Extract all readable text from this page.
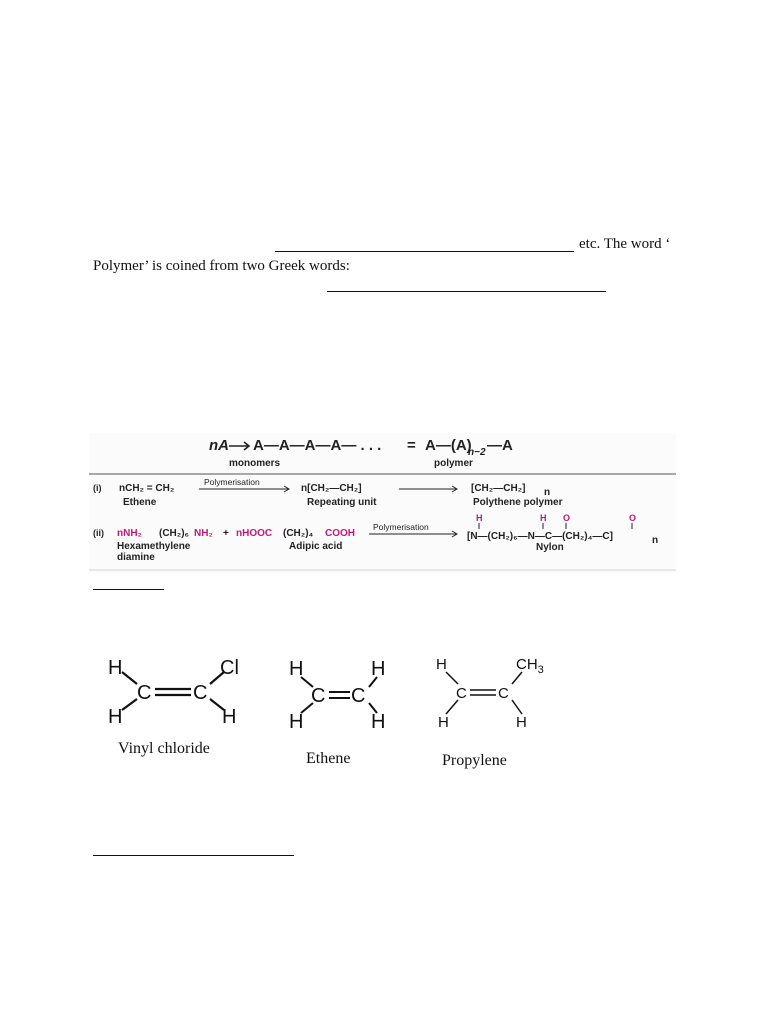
etc. The word ‘
Polymer’ is coined from two Greek words:
nA A—A—A—A— . . . = A—(A)
n−2 —A
monomers	polymer
(i) nCH₂ = CH₂
Polymerisation
n[CH₂—CH₂]	[CH₂—CH₂] n
Ethene	Repeating unit	Polythene polymer
(ii) nNH₂ (CH₂)₆ NH₂ + nHOOC (CH₂)₄ COOH
Polymerisation
H	H O	O
[N—(CH₂)₆—N—C—(CH₂)₄—C]	n
Hexamethylene
diamine
Adipic acid	Nylon
H
H
C C
Cl
H
Vinyl chloride
H
H
C C
H
H
Ethene
H
H
C C
$CH_3$
H
Propylene
